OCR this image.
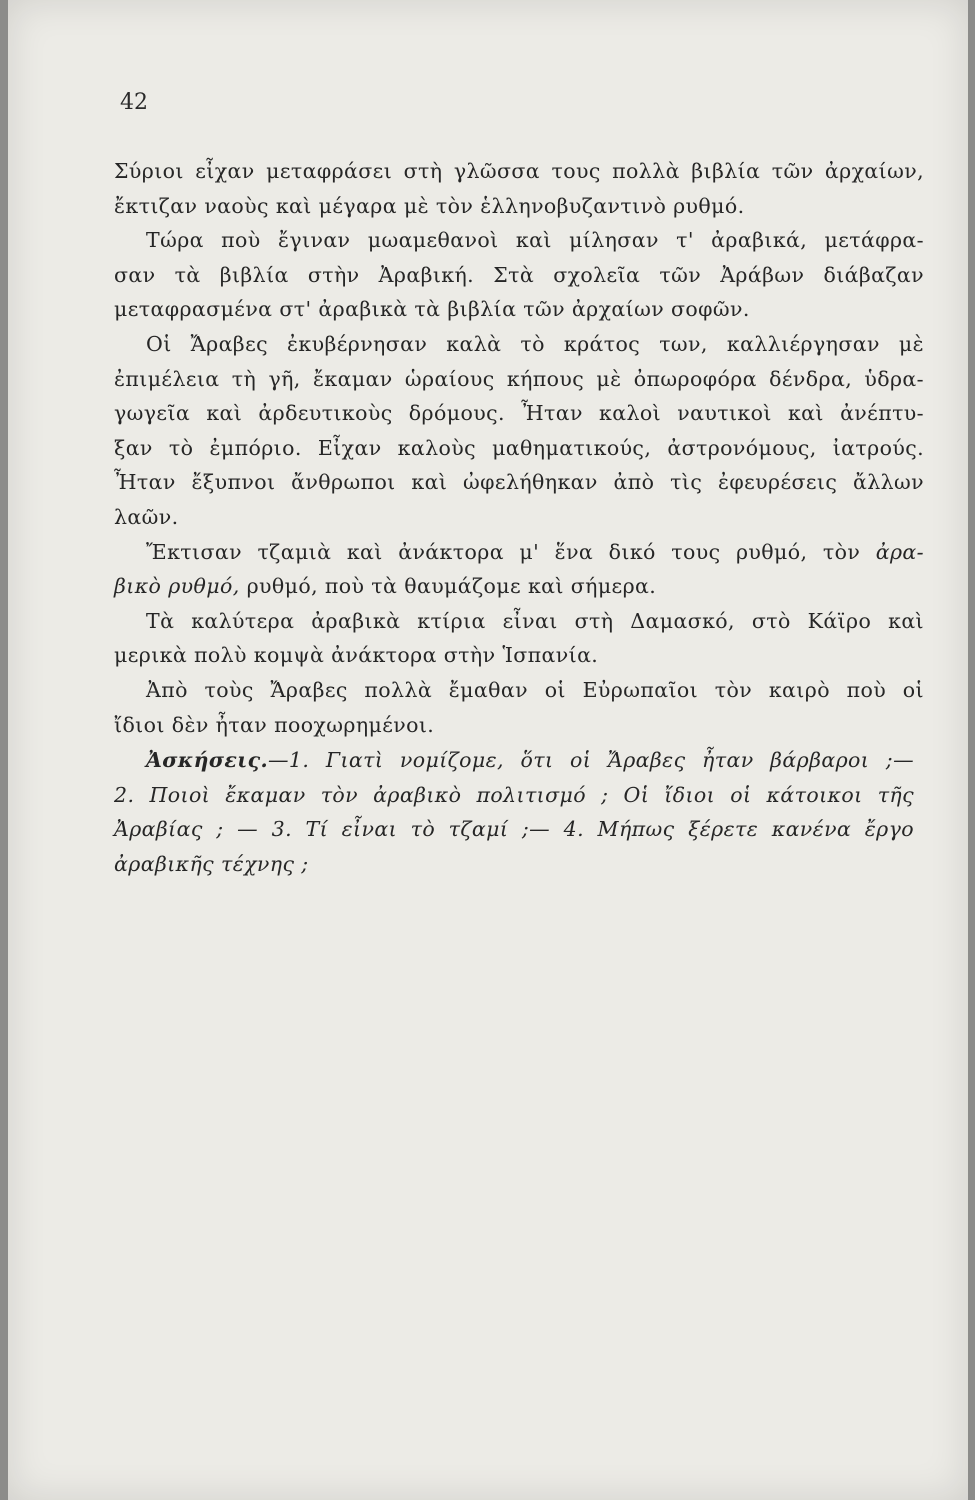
42
Σύριοι εἶχαν μεταφράσει στὴ γλῶσσα τους πολλὰ βιβλία τῶν ἀρχαίων,
ἔκτιζαν ναοὺς καὶ μέγαρα μὲ τὸν ἑλληνοβυζαντινὸ ρυθμό.
Τώρα ποὺ ἔγιναν μωαμεθανοὶ καὶ μίλησαν τ' ἀραβικά, μετάφρα-
σαν τὰ βιβλία στὴν Ἀραβική. Στὰ σχολεῖα τῶν Ἀράβων διάβαζαν
μεταφρασμένα στ' ἀραβικὰ τὰ βιβλία τῶν ἀρχαίων σοφῶν.
Οἱ Ἄραβες ἐκυβέρνησαν καλὰ τὸ κράτος των, καλλιέργησαν μὲ
ἐπιμέλεια τὴ γῆ, ἔκαμαν ὡραίους κήπους μὲ ὀπωροφόρα δένδρα, ὑδρα-
γωγεῖα καὶ ἀρδευτικοὺς δρόμους. Ἦταν καλοὶ ναυτικοὶ καὶ ἀνέπτυ-
ξαν τὸ ἐμπόριο. Εἶχαν καλοὺς μαθηματικούς, ἀστρονόμους, ἰατρούς.
Ἦταν ἔξυπνοι ἄνθρωποι καὶ ὠφελήθηκαν ἀπὸ τὶς ἐφευρέσεις ἄλλων
λαῶν.
Ἔκτισαν τζαμιὰ καὶ ἀνάκτορα μ' ἕνα δικό τους ρυθμό, τὸν ἀρα-
βικὸ ρυθμό, ρυθμό, ποὺ τὰ θαυμάζομε καὶ σήμερα.
Τὰ καλύτερα ἀραβικὰ κτίρια εἶναι στὴ Δαμασκό, στὸ Κάϊρο καὶ
μερικὰ πολὺ κομψὰ ἀνάκτορα στὴν Ἱσπανία.
Ἀπὸ τοὺς Ἄραβες πολλὰ ἔμαθαν οἱ Εὐρωπαῖοι τὸν καιρὸ ποὺ οἱ
ἴδιοι δὲν ἦταν ποοχωρημένοι.
Ἀσκήσεις.—1. Γιατὶ νομίζομε, ὅτι οἱ Ἄραβες ἦταν βάρβαροι ;—
2. Ποιοὶ ἔκαμαν τὸν ἀραβικὸ πολιτισμό ; Οἱ ἴδιοι οἱ κάτοικοι τῆς
Ἀραβίας ; — 3. Τί εἶναι τὸ τζαμί ;— 4. Μήπως ξέρετε κανένα ἔργο
ἀραβικῆς τέχνης ;
